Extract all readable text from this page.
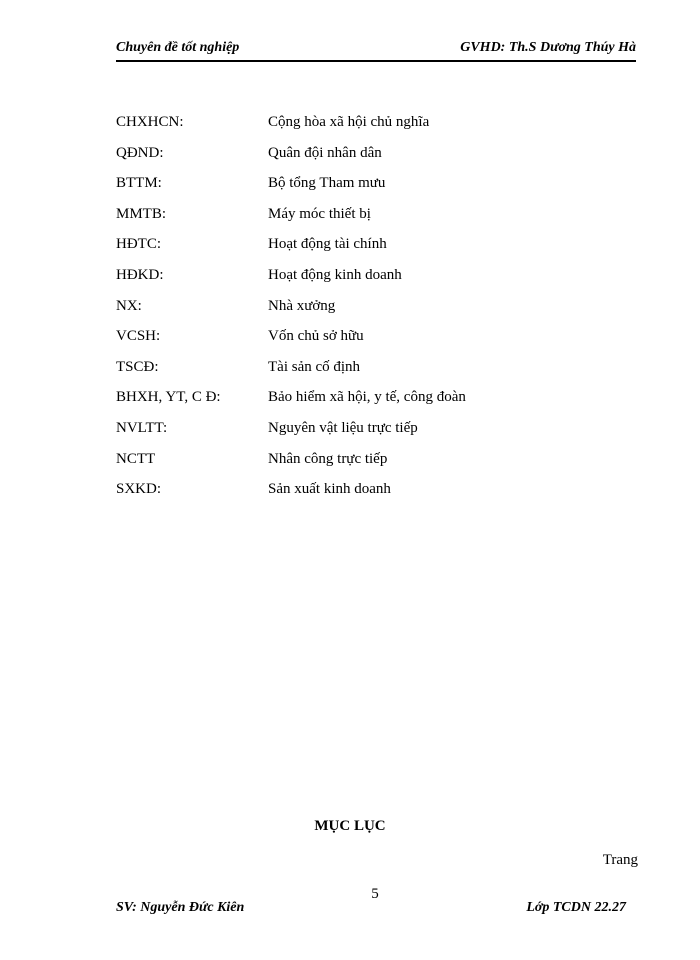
Chuyên đề tốt nghiệp	GVHD: Th.S Dương Thúy Hà
CHXHCN:	Cộng hòa xã hội chủ nghĩa
QĐND:	Quân đội nhân dân
BTTM:	Bộ tổng Tham mưu
MMTB:	Máy móc thiết bị
HĐTC:	Hoạt động tài chính
HĐKD:	Hoạt động kinh doanh
NX:	Nhà xưởng
VCSH:	Vốn chủ sở hữu
TSCĐ:	Tài sản cố định
BHXH, YT, C Đ:	Bảo hiểm xã hội, y tế, công đoàn
NVLTT:	Nguyên vật liệu trực tiếp
NCTT	Nhân công trực tiếp
SXKD:	Sản xuất kinh doanh
MỤC LỤC
Trang
5
SV: Nguyễn Đức Kiên	Lớp TCDN 22.27
